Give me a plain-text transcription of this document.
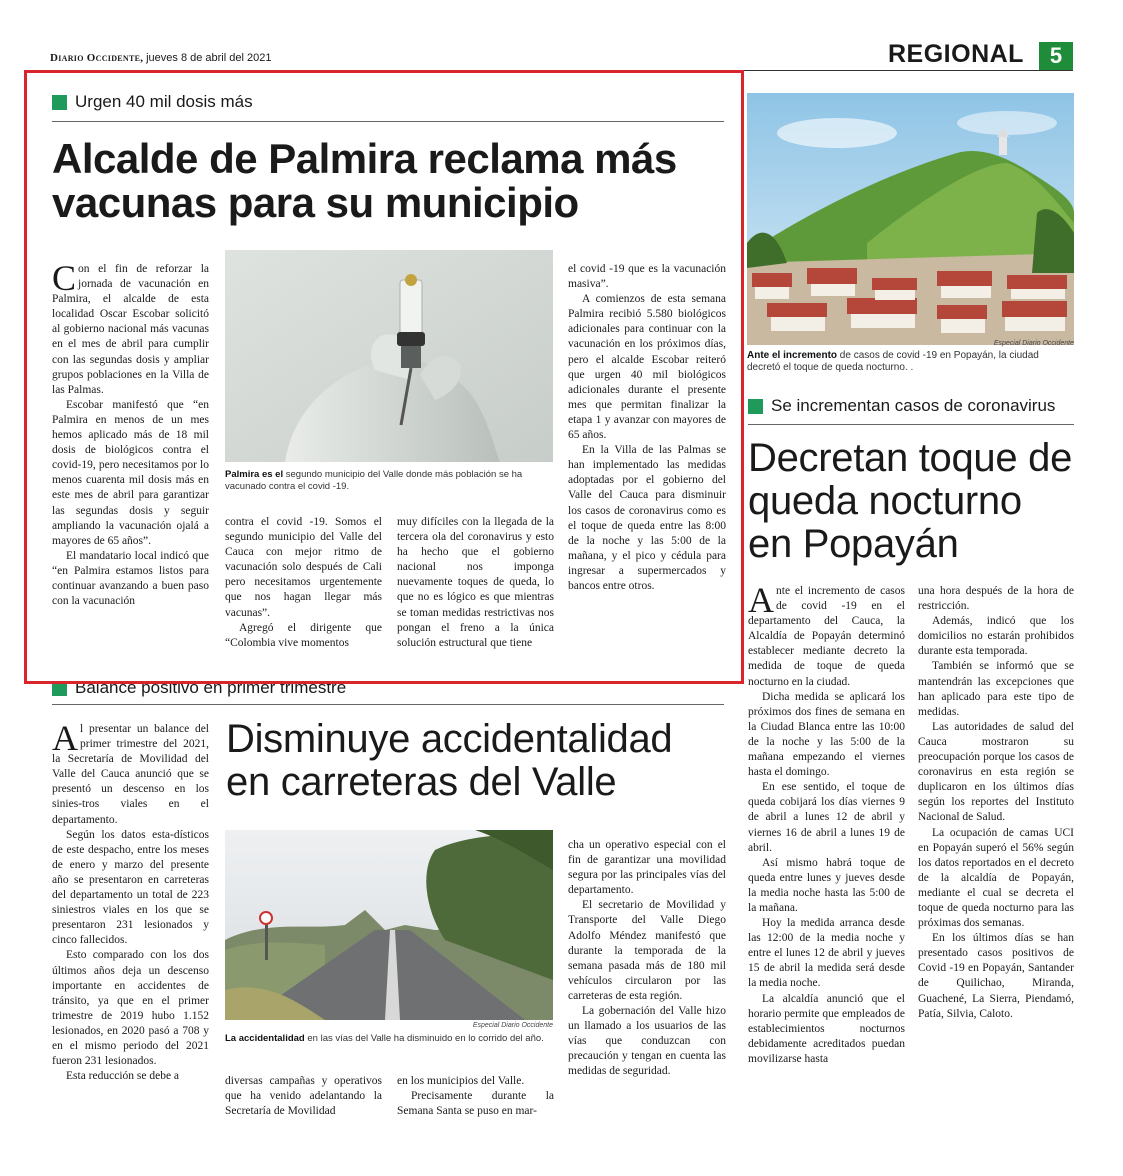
Diario Occidente, jueves 8 de abril del 2021	REGIONAL	5
Urgen 40 mil dosis más
Alcalde de Palmira reclama más vacunas para su municipio

Con el fin de reforzar la jornada de vacunación en Palmira, el alcalde de esta localidad Oscar Escobar solicitó al gobierno nacional más vacunas en el mes de abril para cumplir con las segundas dosis y ampliar grupos poblaciones en la Villa de las Palmas.

Escobar manifestó que “en Palmira en menos de un mes hemos aplicado más de 18 mil dosis de biológicos contra el covid-19, pero necesitamos por lo menos cuarenta mil dosis más en este mes de abril para garantizar las segundas dosis y seguir ampliando la vacunación ojalá a mayores de 65 años”.

El mandatario local indicó que “en Palmira estamos listos para continuar avanzando a buen paso con la vacunación

Palmira es el segundo municipio del Valle donde más población se ha vacunado contra el covid -19.

contra el covid -19. Somos el segundo municipio del Valle del Cauca con mejor ritmo de vacunación solo después de Cali pero necesitamos urgentemente que nos hagan llegar más vacunas”.

Agregó el dirigente que “Colombia vive momentos

muy difíciles con la llegada de la tercera ola del coronavirus y esto ha hecho que el gobierno nacional nos imponga nuevamente toques de queda, lo que no es lógico es que mientras se toman medidas restrictivas nos pongan el freno a la única solución estructural que tiene

el covid -19 que es la vacunación masiva”.

A comienzos de esta semana Palmira recibió 5.580 biológicos adicionales para continuar con la vacunación en los próximos días, pero el alcalde Escobar reiteró que urgen 40 mil biológicos adicionales durante el presente mes que permitan finalizar la etapa 1 y avanzar con mayores de 65 años.

En la Villa de las Palmas se han implementado las medidas adoptadas por el gobierno del Valle del Cauca para disminuir los casos de coronavirus como es el toque de queda entre las 8:00 de la noche y las 5:00 de la mañana, y el pico y cédula para ingresar a supermercados y bancos entre otros.

Balance positivo en primer trimestre

Al presentar un balance del primer trimestre del 2021, la Secretaría de Movilidad del Valle del Cauca anunció que se presentó un descenso en los sinies-tros viales en el departamento.

Según los datos esta-dísticos de este despacho, entre los meses de enero y marzo del presente año se presentaron en carreteras del departamento un total de 223 siniestros viales en los que se presentaron 231 lesionados y cinco fallecidos.

Esto comparado con los dos últimos años deja un descenso importante en accidentes de tránsito, ya que en el primer trimestre de 2019 hubo 1.152 lesionados, en 2020 pasó a 708 y en el mismo periodo del 2021 fueron 231 lesionados.

Esta reducción se debe a

Disminuye accidentalidad en carreteras del Valle
Especial Diario Occidente
La accidentalidad en las vías del Valle ha disminuido en lo corrido del año.

diversas campañas y operativos que ha venido adelantando la Secretaría de Movilidad

en los municipios del Valle.

Precisamente durante la Semana Santa se puso en mar-

cha un operativo especial con el fin de garantizar una movilidad segura por las principales vías del departamento.

El secretario de Movilidad y Transporte del Valle Diego Adolfo Méndez manifestó que durante la temporada de la semana pasada más de 180 mil vehículos circularon por las carreteras de esta región.

La gobernación del Valle hizo un llamado a los usuarios de las vías que conduzcan con precaución y tengan en cuenta las medidas de seguridad.

Especial Diario Occidente
Ante el incremento de casos de covid -19 en Popayán, la ciudad decretó el toque de queda nocturno. .
Se incrementan casos de coronavirus
Decretan toque de queda nocturno en Popayán

Ante el incremento de casos de covid -19 en el departamento del Cauca, la Alcaldía de Popayán determinó establecer mediante decreto la medida de toque de queda nocturno en la ciudad.

Dicha medida se aplicará los próximos dos fines de semana en la Ciudad Blanca entre las 10:00 de la noche y las 5:00 de la mañana empezando el viernes hasta el domingo.

En ese sentido, el toque de queda cobijará los días viernes 9 de abril a lunes 12 de abril y viernes 16 de abril a lunes 19 de abril.

Así mismo habrá toque de queda entre lunes y jueves desde la media noche hasta las 5:00 de la mañana.

Hoy la medida arranca desde las 12:00 de la media noche y entre el lunes 12 de abril y jueves 15 de abril la medida será desde la media noche.

La alcaldía anunció que el horario permite que empleados de establecimientos nocturnos debidamente acreditados puedan movilizarse hasta

una hora después de la hora de restricción.

Además, indicó que los domicilios no estarán prohibidos durante esta temporada.

También se informó que se mantendrán las excepciones que han aplicado para este tipo de medidas.

Las autoridades de salud del Cauca mostraron su preocupación porque los casos de coronavirus en esta región se duplicaron en los últimos días según los reportes del Instituto Nacional de Salud.

La ocupación de camas UCI en Popayán superó el 56% según los datos reportados en el decreto de la alcaldía de Popayán, mediante el cual se decreta el toque de queda nocturno para las próximas dos semanas.

En los últimos días se han presentado casos positivos de Covid -19 en Popayán, Santander de Quilichao, Miranda, Guachené, La Sierra, Piendamó, Patía, Silvia, Caloto.
